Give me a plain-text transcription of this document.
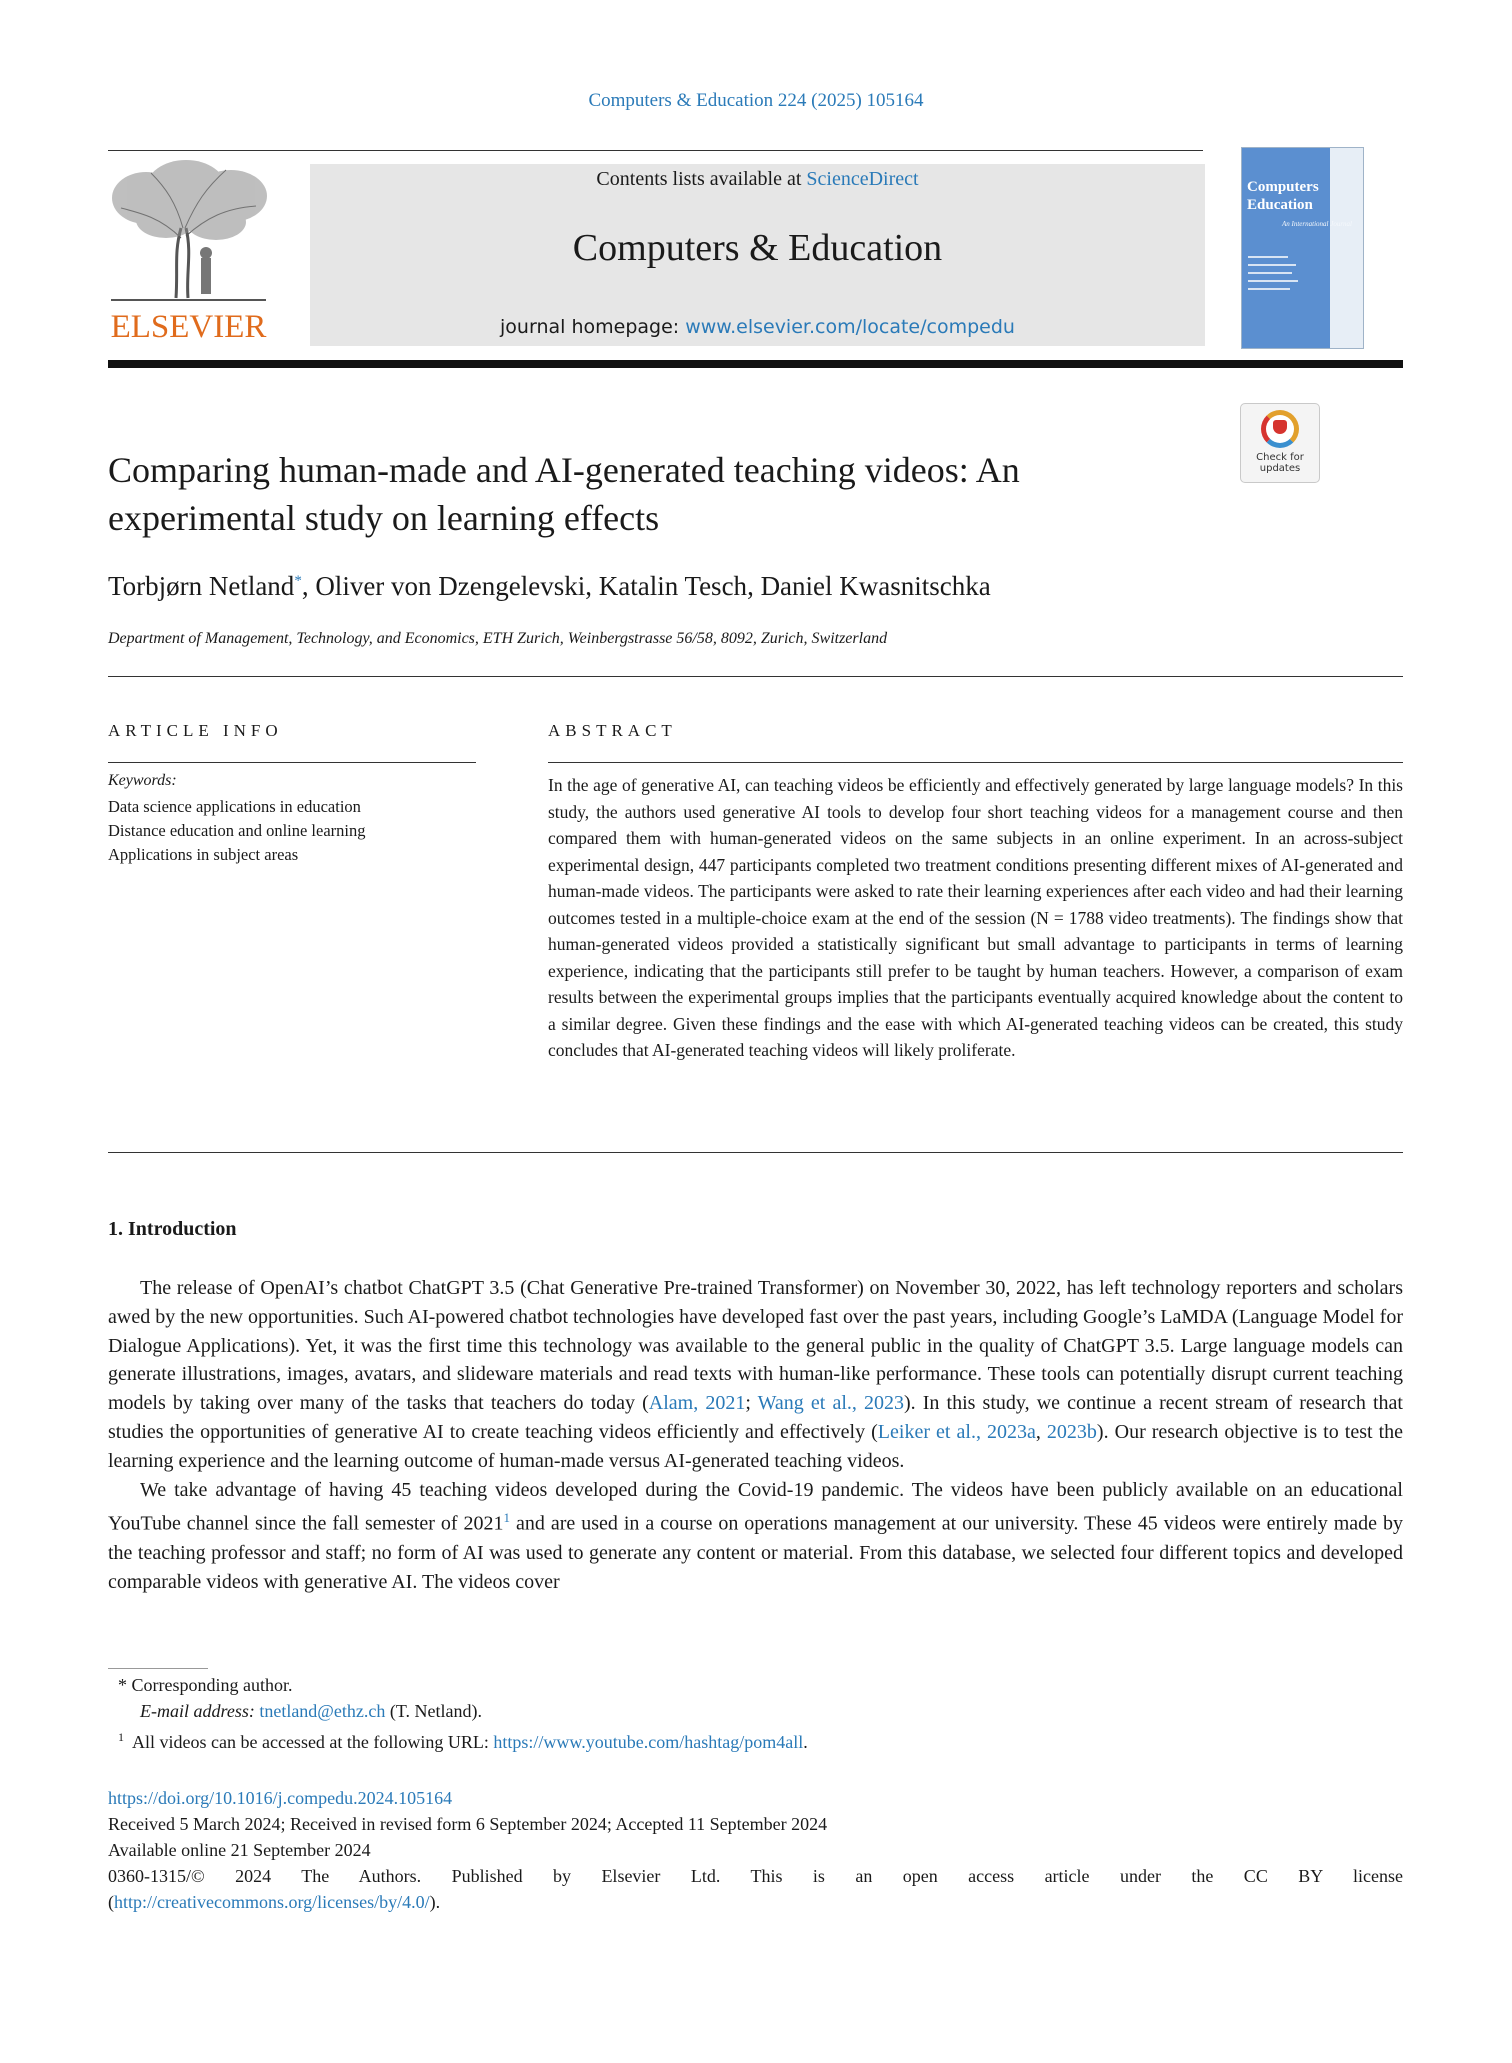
Computers & Education 224 (2025) 105164
ELSEVIER
Contents lists available at ScienceDirect
Computers & Education
journal homepage: www.elsevier.com/locate/compedu
Computers
Education
An International Journal
Check for updates
Comparing human-made and AI-generated teaching videos: An experimental study on learning effects
Torbjørn Netland*, Oliver von Dzengelevski, Katalin Tesch, Daniel Kwasnitschka
Department of Management, Technology, and Economics, ETH Zurich, Weinbergstrasse 56/58, 8092, Zurich, Switzerland
ARTICLE INFO
Keywords:
Data science applications in education
Distance education and online learning
Applications in subject areas
ABSTRACT
In the age of generative AI, can teaching videos be efficiently and effectively generated by large language models? In this study, the authors used generative AI tools to develop four short teaching videos for a management course and then compared them with human-generated videos on the same subjects in an online experiment. In an across-subject experimental design, 447 participants completed two treatment conditions presenting different mixes of AI-generated and human-made videos. The participants were asked to rate their learning experiences after each video and had their learning outcomes tested in a multiple-choice exam at the end of the session (N = 1788 video treatments). The findings show that human-generated videos provided a statistically significant but small advantage to participants in terms of learning experience, indicating that the participants still prefer to be taught by human teachers. However, a comparison of exam results between the experimental groups implies that the participants eventually acquired knowledge about the content to a similar degree. Given these findings and the ease with which AI-generated teaching videos can be created, this study concludes that AI-generated teaching videos will likely proliferate.
1. Introduction

The release of OpenAI’s chatbot ChatGPT 3.5 (Chat Generative Pre-trained Transformer) on November 30, 2022, has left technology reporters and scholars awed by the new opportunities. Such AI-powered chatbot technologies have developed fast over the past years, including Google’s LaMDA (Language Model for Dialogue Applications). Yet, it was the first time this technology was available to the general public in the quality of ChatGPT 3.5. Large language models can generate illustrations, images, avatars, and slideware materials and read texts with human-like performance. These tools can potentially disrupt current teaching models by taking over many of the tasks that teachers do today (Alam, 2021; Wang et al., 2023). In this study, we continue a recent stream of research that studies the opportunities of generative AI to create teaching videos efficiently and effectively (Leiker et al., 2023a, 2023b). Our research objective is to test the learning experience and the learning outcome of human-made versus AI-generated teaching videos.

We take advantage of having 45 teaching videos developed during the Covid-19 pandemic. The videos have been publicly available on an educational YouTube channel since the fall semester of 2021$^1$ and are used in a course on operations management at our university. These 45 videos were entirely made by the teaching professor and staff; no form of AI was used to generate any content or material. From this database, we selected four different topics and developed comparable videos with generative AI. The videos cover

* Corresponding author.
E-mail address: tnetland@ethz.ch (T. Netland).
$^1$ All videos can be accessed at the following URL: https://www.youtube.com/hashtag/pom4all.
https://doi.org/10.1016/j.compedu.2024.105164
Received 5 March 2024; Received in revised form 6 September 2024; Accepted 11 September 2024
Available online 21 September 2024
0360-1315/© 2024 The Authors. Published by Elsevier Ltd. This is an open access article under the CC BY license
(http://creativecommons.org/licenses/by/4.0/).
